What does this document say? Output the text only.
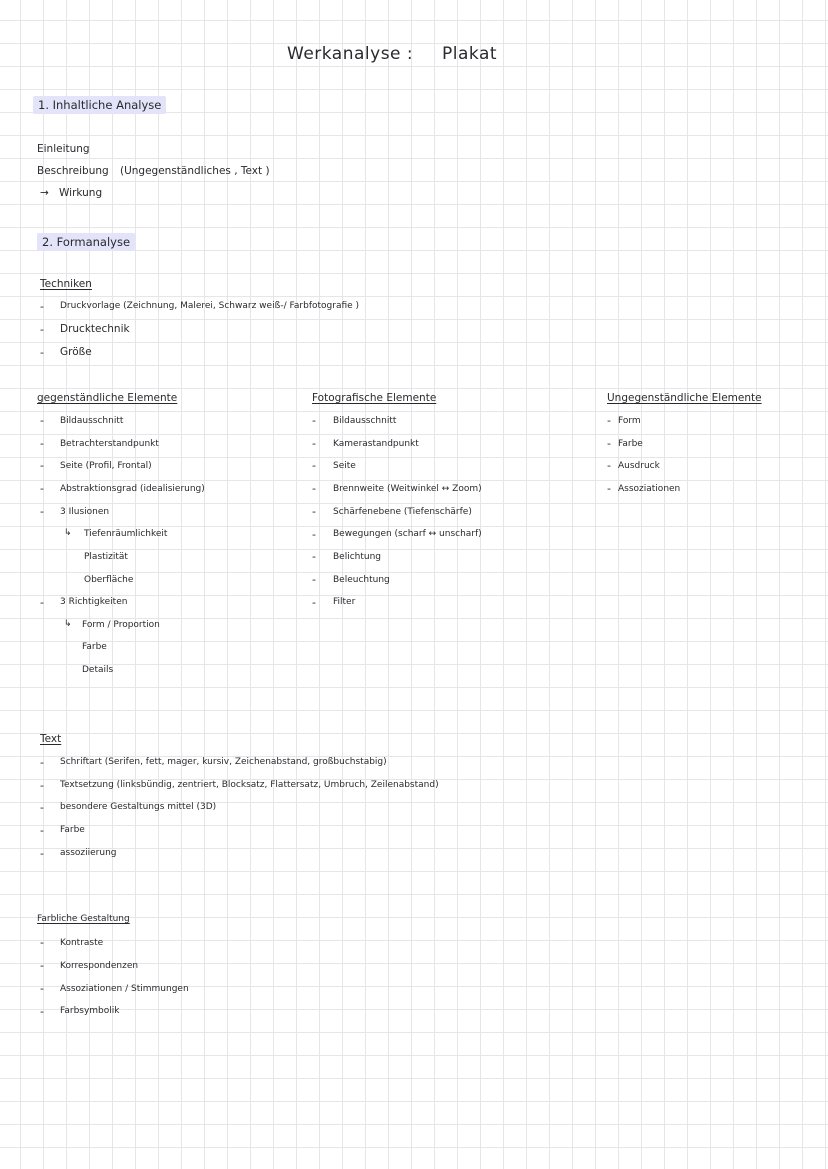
Werkanalyse : Plakat
1. Inhaltliche Analyse
Einleitung
Beschreibung (Ungegenständliches , Text )
→ Wirkung
2. Formanalyse
Techniken
- Druckvorlage (Zeichnung, Malerei, Schwarz weiß-/ Farbfotografie )
- Drucktechnik
- Größe
gegenständliche Elemente
- Bildausschnitt
- Betrachterstandpunkt
- Seite (Profil, Frontal)
- Abstraktionsgrad (idealisierung)
- 3 Ilusionen
↳ Tiefenräumlichkeit
Plastizität
Oberfläche
- 3 Richtigkeiten
↳ Form / Proportion
Farbe
Details
Fotografische Elemente
- Bildausschnitt
- Kamerastandpunkt
- Seite
- Brennweite (Weitwinkel ↔ Zoom)
- Schärfenebene (Tiefenschärfe)
- Bewegungen (scharf ↔ unscharf)
- Belichtung
- Beleuchtung
- Filter
Ungegenständliche Elemente
- Form
- Farbe
- Ausdruck
- Assoziationen
Text
- Schriftart (Serifen, fett, mager, kursiv, Zeichenabstand, großbuchstabig)
- Textsetzung (linksbündig, zentriert, Blocksatz, Flattersatz, Umbruch, Zeilenabstand)
- besondere Gestaltungs mittel (3D)
- Farbe
- assoziierung
Farbliche Gestaltung
- Kontraste
- Korrespondenzen
- Assoziationen / Stimmungen
- Farbsymbolik
